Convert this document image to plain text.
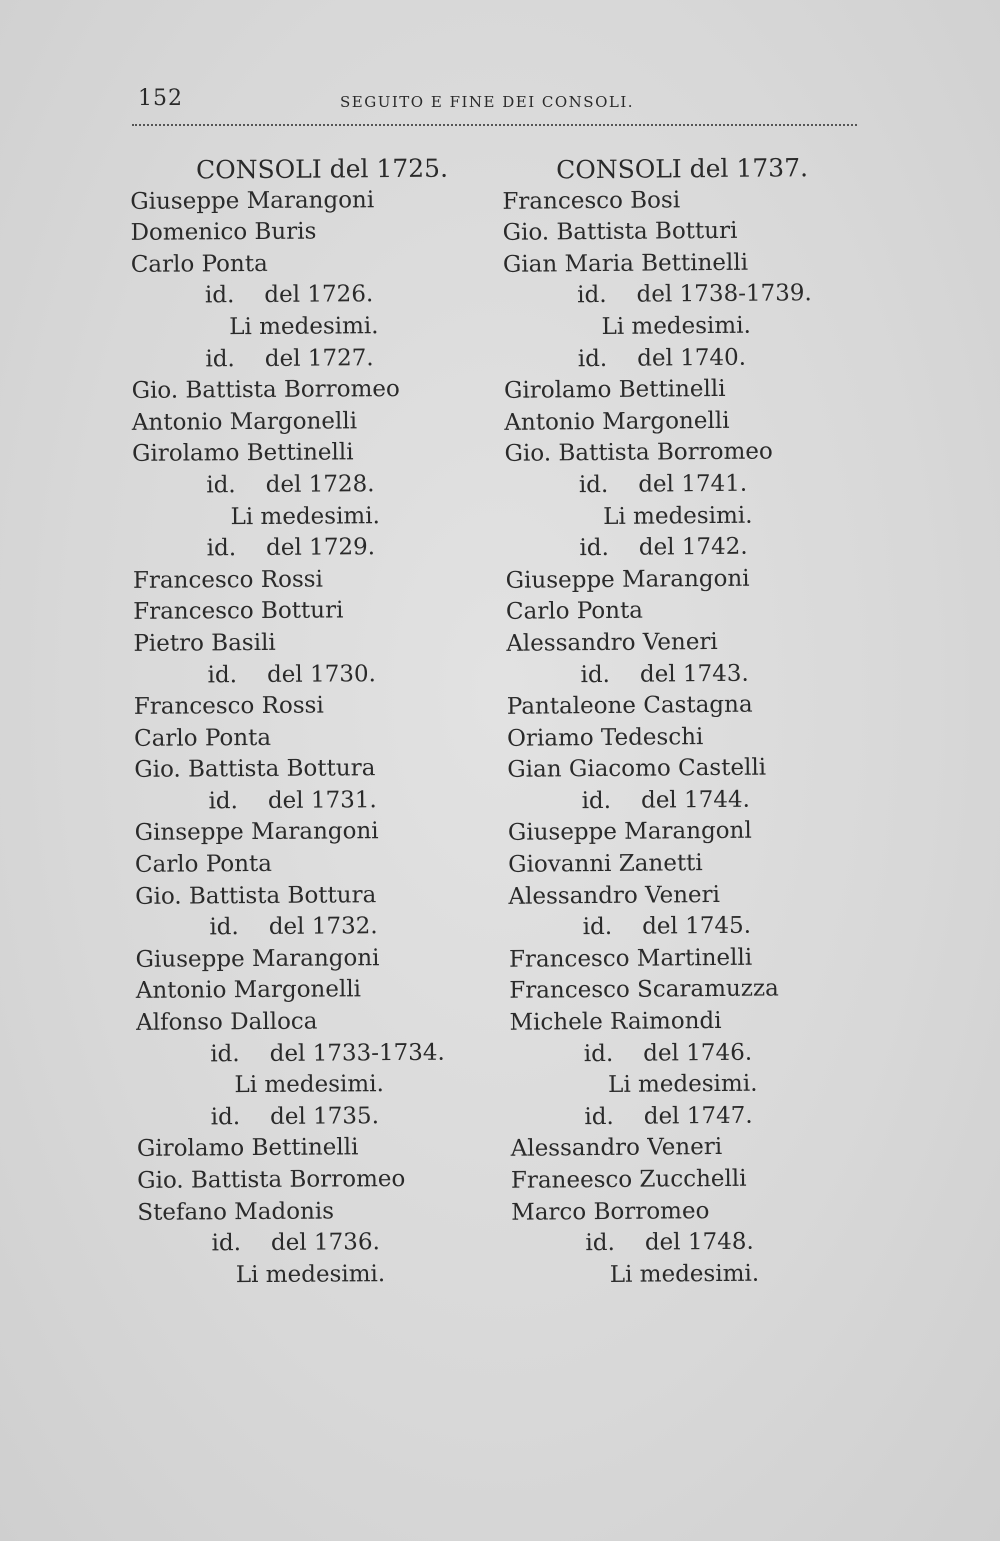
152	SEGUITO E FINE DEI CONSOLI.
CONSOLI del 1725.
Giuseppe Marangoni
Domenico Buris
Carlo Ponta
id. del 1726.
Li medesimi.
id. del 1727.
Gio. Battista Borromeo
Antonio Margonelli
Girolamo Bettinelli
id. del 1728.
Li medesimi.
id. del 1729.
Francesco Rossi
Francesco Botturi
Pietro Basili
id. del 1730.
Francesco Rossi
Carlo Ponta
Gio. Battista Bottura
id. del 1731.
Ginseppe Marangoni
Carlo Ponta
Gio. Battista Bottura
id. del 1732.
Giuseppe Marangoni
Antonio Margonelli
Alfonso Dalloca
id. del 1733-1734.
Li medesimi.
id. del 1735.
Girolamo Bettinelli
Gio. Battista Borromeo
Stefano Madonis
id. del 1736.
Li medesimi.
CONSOLI del 1737.
Francesco Bosi
Gio. Battista Botturi
Gian Maria Bettinelli
id. del 1738-1739.
Li medesimi.
id. del 1740.
Girolamo Bettinelli
Antonio Margonelli
Gio. Battista Borromeo
id. del 1741.
Li medesimi.
id. del 1742.
Giuseppe Marangoni
Carlo Ponta
Alessandro Veneri
id. del 1743.
Pantaleone Castagna
Oriamo Tedeschi
Gian Giacomo Castelli
id. del 1744.
Giuseppe Marangonl
Giovanni Zanetti
Alessandro Veneri
id. del 1745.
Francesco Martinelli
Francesco Scaramuzza
Michele Raimondi
id. del 1746.
Li medesimi.
id. del 1747.
Alessandro Veneri
Franeesco Zucchelli
Marco Borromeo
id. del 1748.
Li medesimi.
